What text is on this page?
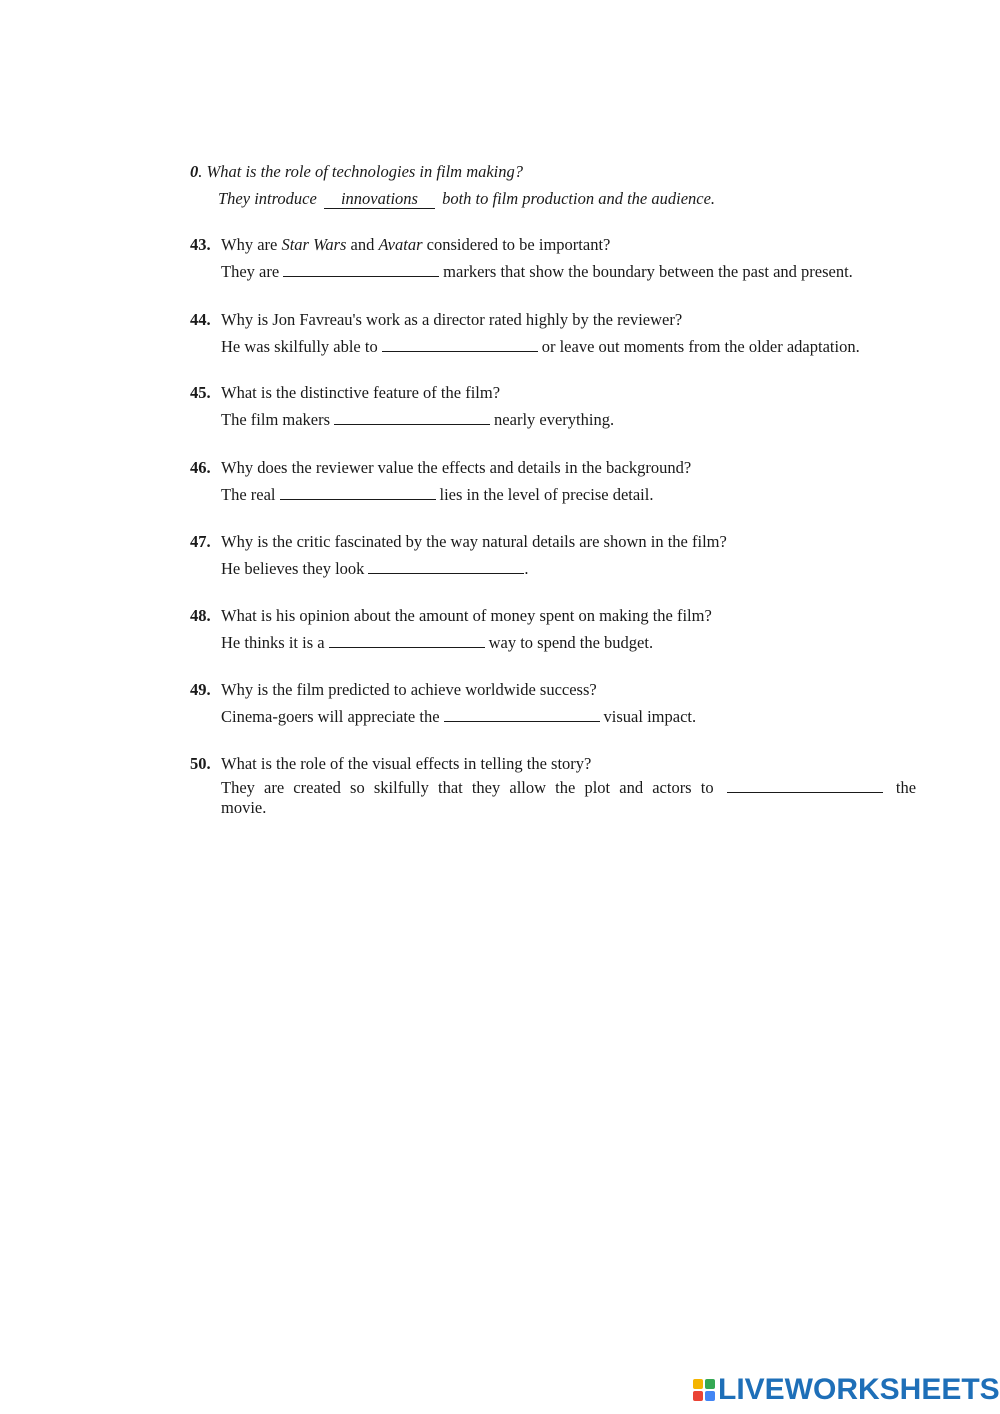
0. What is the role of technologies in film making?
They introduce innovations both to film production and the audience.
43. Why are Star Wars and Avatar considered to be important?
They are	markers that show the boundary between the past and present.
44. Why is Jon Favreau's work as a director rated highly by the reviewer?
He was skilfully able to	or leave out moments from the older adaptation.
45. What is the distinctive feature of the film?
The film makers	nearly everything.
46. Why does the reviewer value the effects and details in the background?
The real	lies in the level of precise detail.
47. Why is the critic fascinated by the way natural details are shown in the film?
He believes they look	.
48. What is his opinion about the amount of money spent on making the film?
He thinks it is a	way to spend the budget.
49. Why is the film predicted to achieve worldwide success?
Cinema-goers will appreciate the	visual impact.
50. What is the role of the visual effects in telling the story?
They are created so skilfully that they allow the plot and actors to	the
movie.
LIVEWORKSHEETS
